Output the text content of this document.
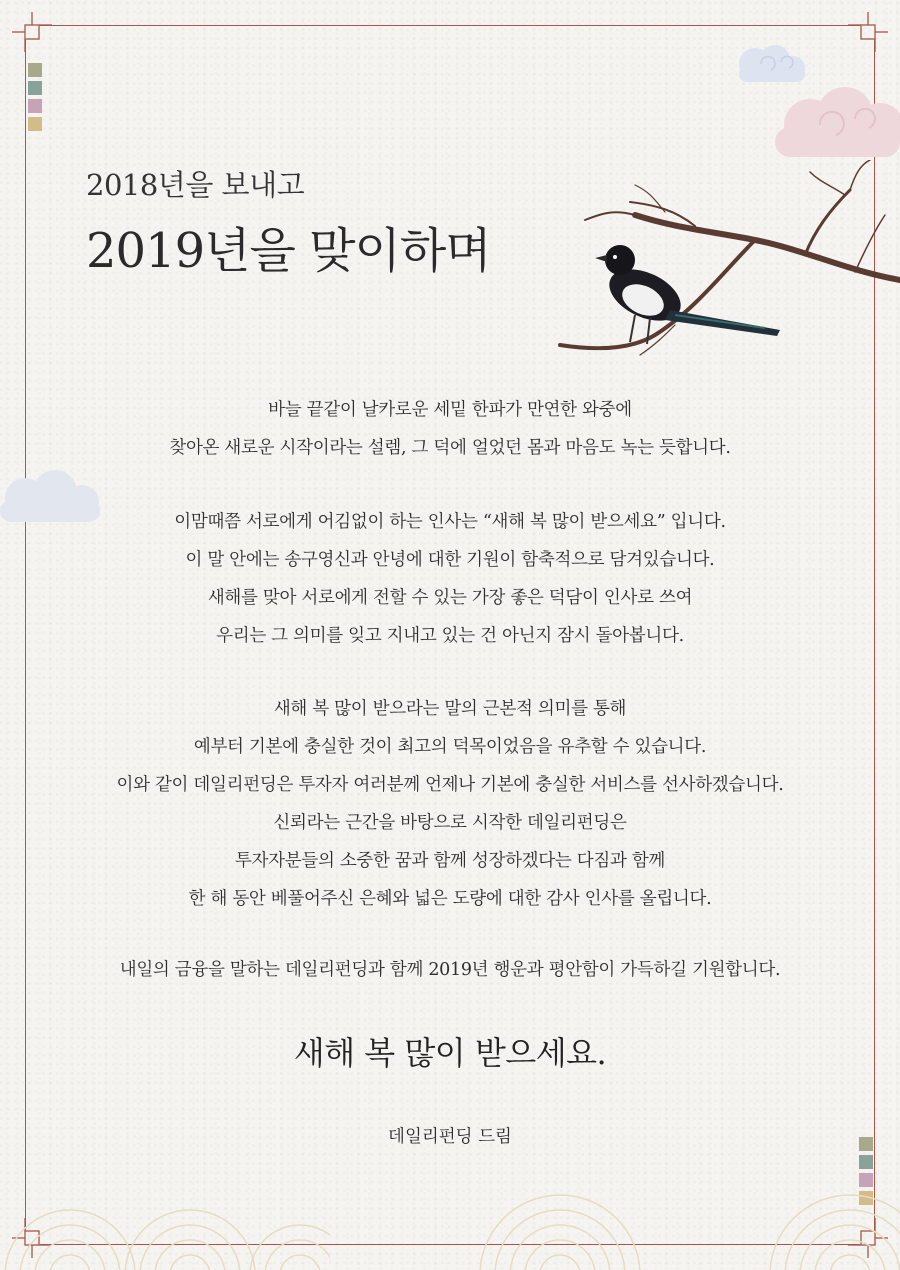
2018년을 보내고
2019년을 맞이하며
바늘 끝같이 날카로운 세밑 한파가 만연한 와중에
찾아온 새로운 시작이라는 설렘, 그 덕에 얼었던 몸과 마음도 녹는 듯합니다.
이맘때쯤 서로에게 어김없이 하는 인사는 “새해 복 많이 받으세요” 입니다.
이 말 안에는 송구영신과 안녕에 대한 기원이 함축적으로 담겨있습니다.
새해를 맞아 서로에게 전할 수 있는 가장 좋은 덕담이 인사로 쓰여
우리는 그 의미를 잊고 지내고 있는 건 아닌지 잠시 돌아봅니다.
새해 복 많이 받으라는 말의 근본적 의미를 통해
예부터 기본에 충실한 것이 최고의 덕목이었음을 유추할 수 있습니다.
이와 같이 데일리펀딩은 투자자 여러분께 언제나 기본에 충실한 서비스를 선사하겠습니다.
신뢰라는 근간을 바탕으로 시작한 데일리펀딩은
투자자분들의 소중한 꿈과 함께 성장하겠다는 다짐과 함께
한 해 동안 베풀어주신 은혜와 넓은 도량에 대한 감사 인사를 올립니다.
내일의 금융을 말하는 데일리펀딩과 함께 2019년 행운과 평안함이 가득하길 기원합니다.
새해 복 많이 받으세요.
데일리펀딩 드림
